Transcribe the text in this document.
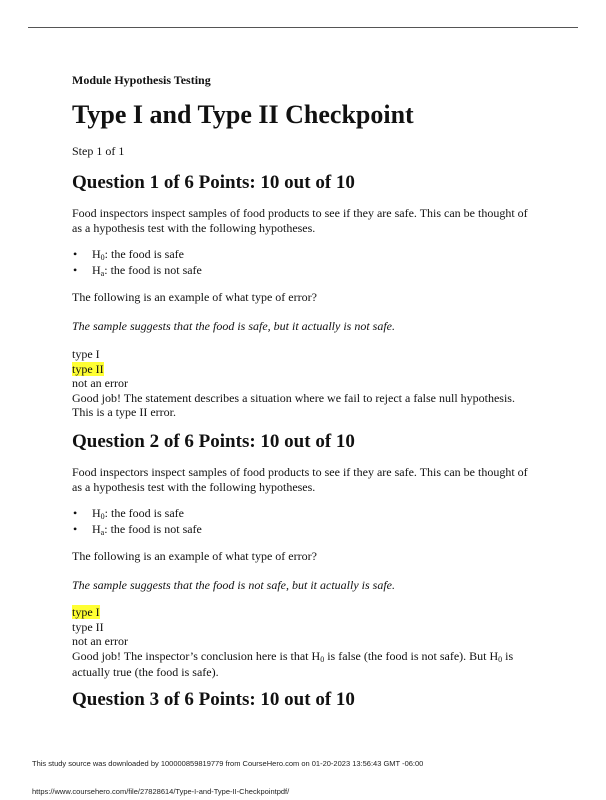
Module Hypothesis Testing
Type I and Type II Checkpoint
Step 1 of 1
Question 1 of 6 Points: 10 out of 10
Food inspectors inspect samples of food products to see if they are safe. This can be thought of as a hypothesis test with the following hypotheses.
• $H_0$: the food is safe
• $H_a$: the food is not safe
The following is an example of what type of error?
The sample suggests that the food is safe, but it actually is not safe.
type I
type II
not an error
Good job! The statement describes a situation where we fail to reject a false null hypothesis. This is a type II error.
Question 2 of 6 Points: 10 out of 10
Food inspectors inspect samples of food products to see if they are safe. This can be thought of as a hypothesis test with the following hypotheses.
• $H_0$: the food is safe
• $H_a$: the food is not safe
The following is an example of what type of error?
The sample suggests that the food is not safe, but it actually is safe.
type I
type II
not an error
Good job! The inspector’s conclusion here is that $H_0$ is false (the food is not safe). But $H_0$ is actually true (the food is safe).
Question 3 of 6 Points: 10 out of 10
This study source was downloaded by 100000859819779 from CourseHero.com on 01-20-2023 13:56:43 GMT -06:00
https://www.coursehero.com/file/27828614/Type-I-and-Type-II-Checkpointpdf/
